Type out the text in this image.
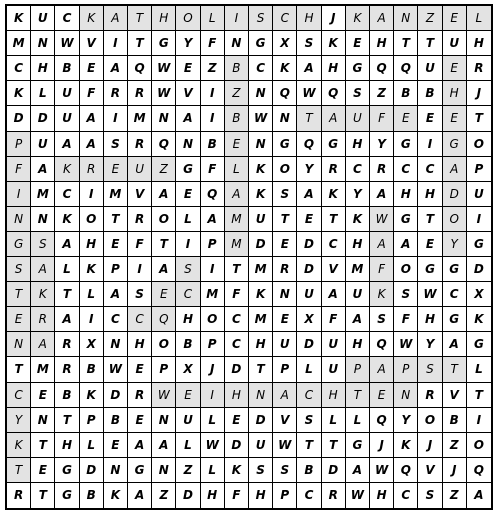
K	U	C	K	A	T	H	O	L	I	S	C	H	J	K	A	N	Z	E	L
M	N	W	V	I	T	G	Y	F	N	G	X	S	K	E	H	T	T	U	H
C	H	B	E	A	Q	W	E	Z	B	C	K	A	H	G	Q	Q	U	E	R
K	L	U	F	R	R	W	V	I	Z	N	Q	W	Q	S	Z	B	B	H	J
D	D	U	A	I	M	N	A	I	B	W	N	T	A	U	F	E	E	E	T
P	U	A	A	S	R	Q	N	B	E	N	G	Q	G	H	Y	G	I	G	O
F	A	K	R	E	U	Z	G	F	L	K	O	Y	R	C	R	C	C	A	P
I	M	C	I	M	V	A	E	Q	A	K	S	A	K	Y	A	H	H	D	U
N	N	K	O	T	R	O	L	A	M	U	T	E	T	K	W	G	T	O	I
G	S	A	H	E	F	T	I	P	M	D	E	D	C	H	A	A	E	Y	G
S	A	L	K	P	I	A	S	I	T	M	R	D	V	M	F	O	G	G	D
T	K	T	L	A	S	E	C	M	F	K	N	U	A	U	K	S	W	C	X
E	R	A	I	C	C	Q	H	O	C	M	E	X	F	A	S	F	H	G	K
N	A	R	X	N	H	O	B	P	C	H	U	D	U	H	Q	W	Y	A	G
T	M	R	B	W	E	P	X	J	D	T	P	L	U	P	A	P	S	T	L
C	E	B	K	D	R	W	E	I	H	N	A	C	H	T	E	N	R	V	T
Y	N	T	P	B	E	N	U	L	E	D	V	S	L	L	Q	Y	O	B	I
K	T	H	L	E	A	A	L	W	D	U	W	T	T	G	J	K	J	Z	O
T	E	G	D	N	G	N	Z	L	K	S	S	B	D	A	W	Q	V	J	Q
R	T	G	B	K	A	Z	D	H	F	H	P	C	R	W	H	C	S	Z	A
